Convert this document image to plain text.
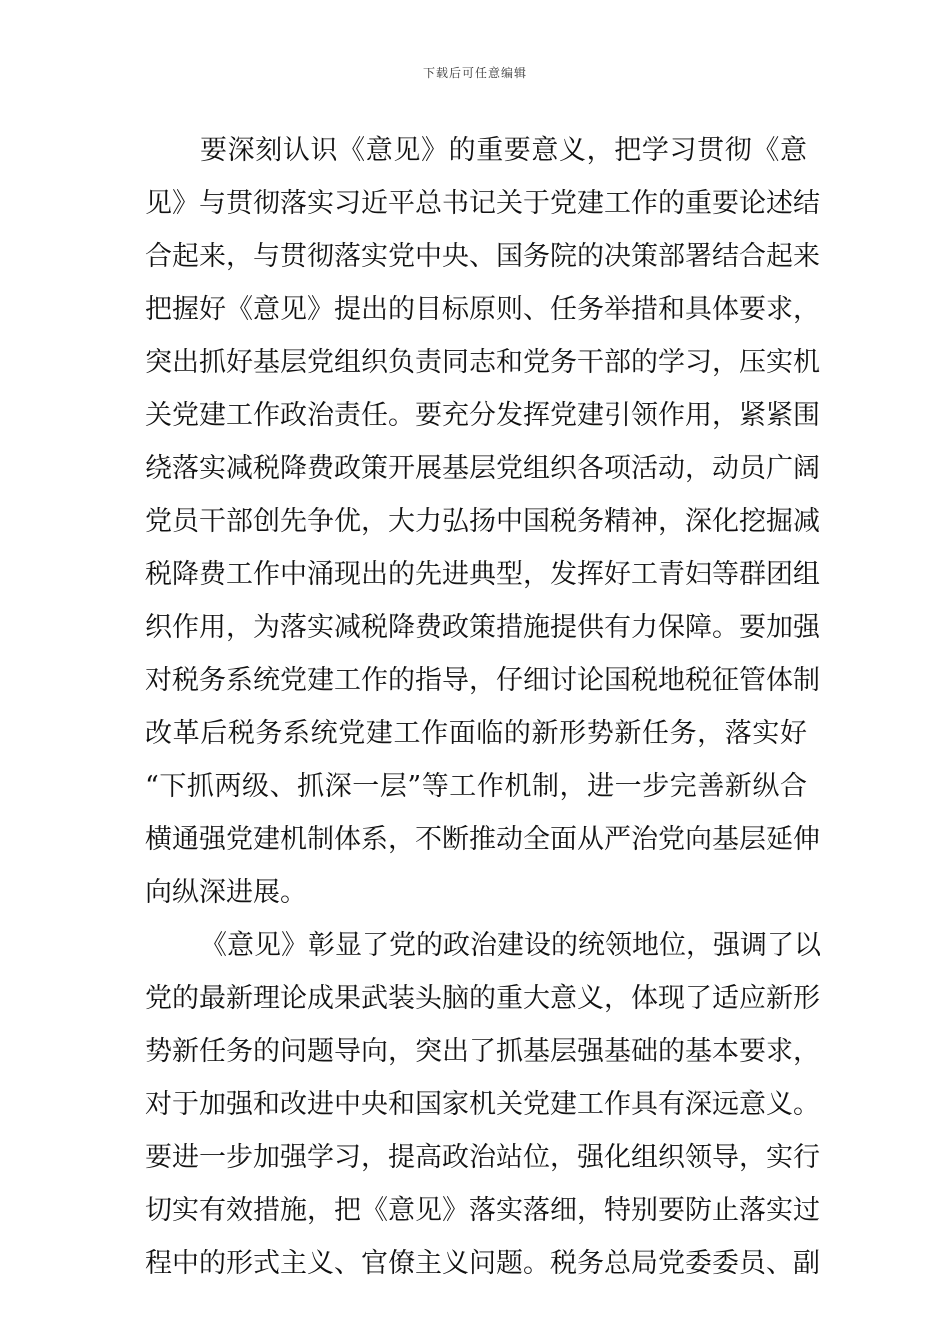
下载后可任意编辑
要深刻认识《意见》的重要意义，把学习贯彻《意
见》与贯彻落实习近平总书记关于党建工作的重要论述结
合起来，与贯彻落实党中央、国务院的决策部署结合起来
把握好《意见》提出的目标原则、任务举措和具体要求，
突出抓好基层党组织负责同志和党务干部的学习，压实机
关党建工作政治责任。要充分发挥党建引领作用，紧紧围
绕落实减税降费政策开展基层党组织各项活动，动员广阔
党员干部创先争优，大力弘扬中国税务精神，深化挖掘减
税降费工作中涌现出的先进典型，发挥好工青妇等群团组
织作用，为落实减税降费政策措施提供有力保障。要加强
对税务系统党建工作的指导，仔细讨论国税地税征管体制
改革后税务系统党建工作面临的新形势新任务，落实好
“下抓两级、抓深一层”等工作机制，进一步完善新纵合
横通强党建机制体系，不断推动全面从严治党向基层延伸
向纵深进展。
《意见》彰显了党的政治建设的统领地位，强调了以
党的最新理论成果武装头脑的重大意义，体现了适应新形
势新任务的问题导向，突出了抓基层强基础的基本要求，
对于加强和改进中央和国家机关党建工作具有深远意义。
要进一步加强学习，提高政治站位，强化组织领导，实行
切实有效措施，把《意见》落实落细，特别要防止落实过
程中的形式主义、官僚主义问题。税务总局党委委员、副
